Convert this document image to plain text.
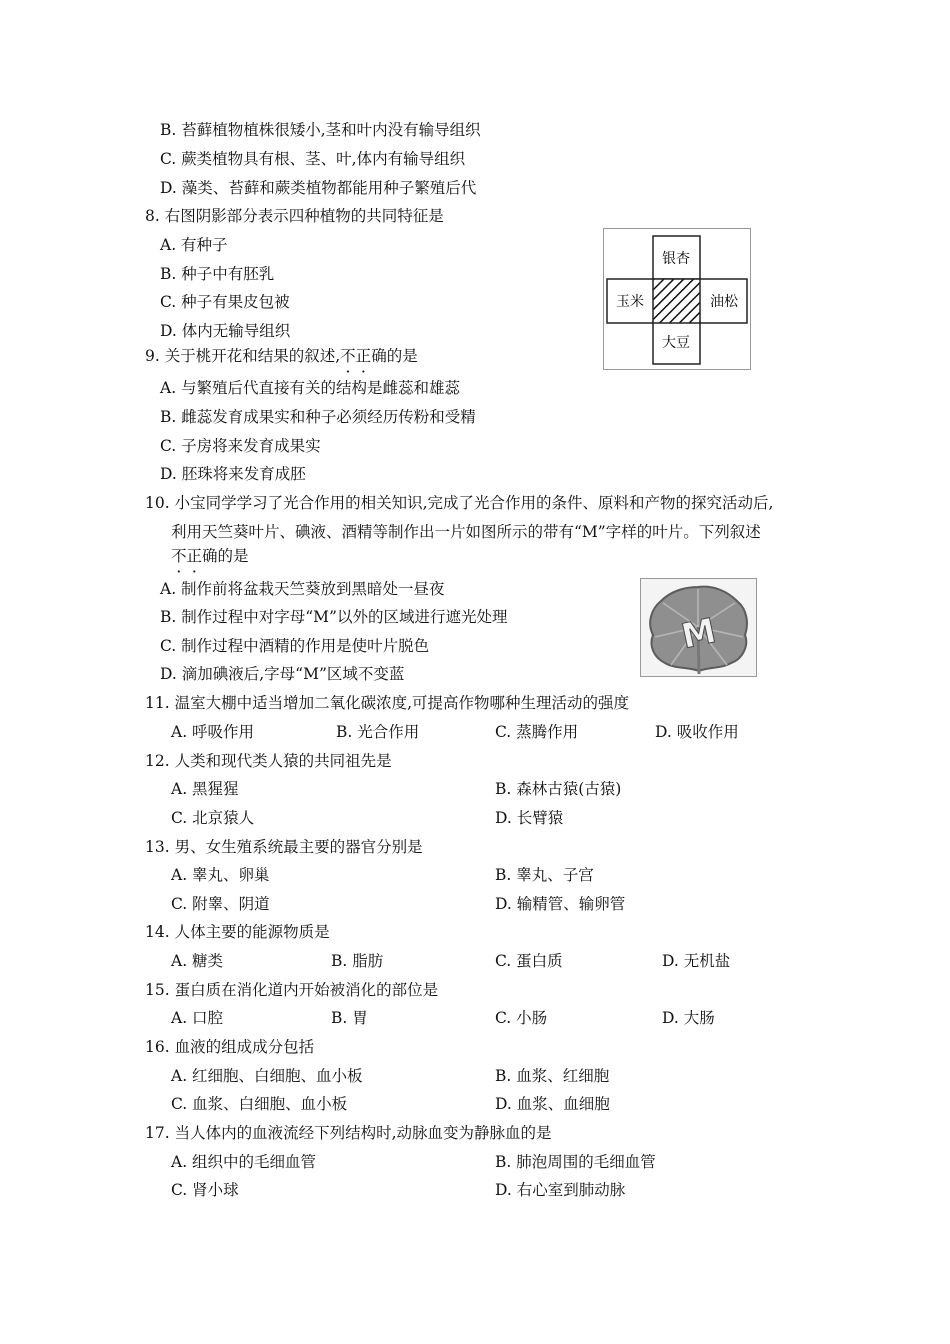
B. 苔藓植物植株很矮小,茎和叶内没有输导组织
C. 蕨类植物具有根、茎、叶,体内有输导组织
D. 藻类、苔藓和蕨类植物都能用种子繁殖后代
8. 右图阴影部分表示四种植物的共同特征是
A. 有种子
B. 种子中有胚乳
C. 种子有果皮包被
D. 体内无输导组织
银杏
玉米	油松
大豆
9. 关于桃开花和结果的叙述,不正确的是
A. 与繁殖后代直接有关的结构是雌蕊和雄蕊
B. 雌蕊发育成果实和种子必须经历传粉和受精
C. 子房将来发育成果实
D. 胚珠将来发育成胚
10. 小宝同学学习了光合作用的相关知识,完成了光合作用的条件、原料和产物的探究活动后,
利用天竺葵叶片、碘液、酒精等制作出一片如图所示的带有“M”字样的叶片。下列叙述
不正确的是
A. 制作前将盆栽天竺葵放到黑暗处一昼夜
B. 制作过程中对字母“M”以外的区域进行遮光处理
C. 制作过程中酒精的作用是使叶片脱色
D. 滴加碘液后,字母“M”区域不变蓝
M
11. 温室大棚中适当增加二氧化碳浓度,可提高作物哪种生理活动的强度
A. 呼吸作用	B. 光合作用	C. 蒸腾作用	D. 吸收作用
12. 人类和现代类人猿的共同祖先是
A. 黑猩猩	B. 森林古猿(古猿)
C. 北京猿人	D. 长臂猿
13. 男、女生殖系统最主要的器官分别是
A. 睾丸、卵巢	B. 睾丸、子宫
C. 附睾、阴道	D. 输精管、输卵管
14. 人体主要的能源物质是
A. 糖类	B. 脂肪	C. 蛋白质	D. 无机盐
15. 蛋白质在消化道内开始被消化的部位是
A. 口腔	B. 胃	C. 小肠	D. 大肠
16. 血液的组成成分包括
A. 红细胞、白细胞、血小板	B. 血浆、红细胞
C. 血浆、白细胞、血小板	D. 血浆、血细胞
17. 当人体内的血液流经下列结构时,动脉血变为静脉血的是
A. 组织中的毛细血管	B. 肺泡周围的毛细血管
C. 肾小球	D. 右心室到肺动脉
